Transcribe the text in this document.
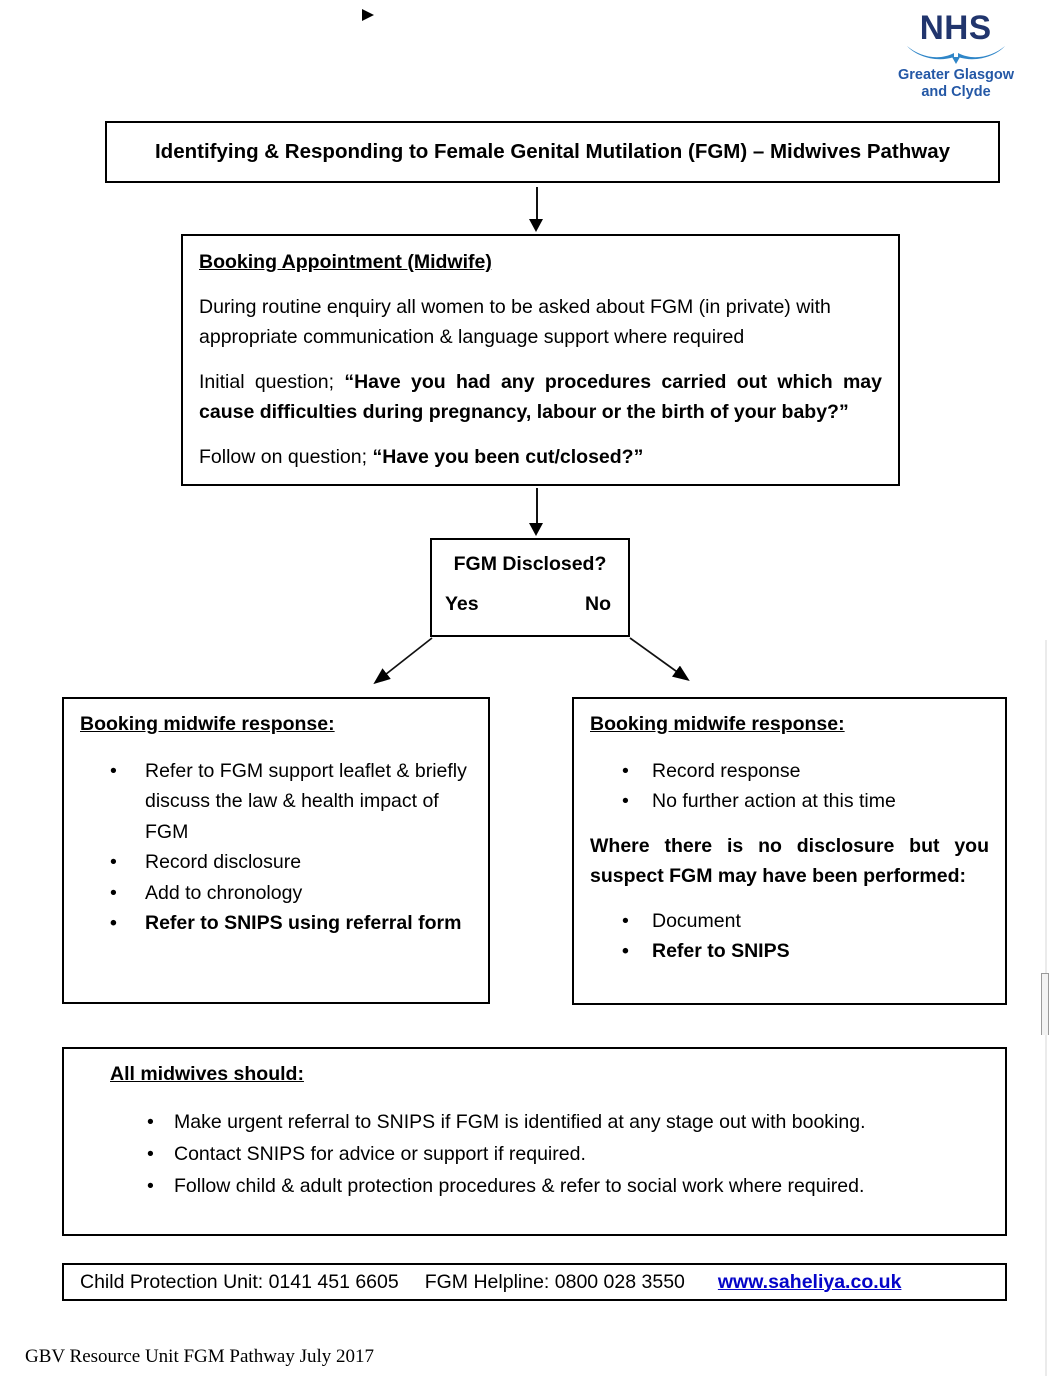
NHS
Greater Glasgow
and Clyde
Identifying & Responding to Female Genital Mutilation (FGM) – Midwives Pathway
Booking Appointment (Midwife)

During routine enquiry all women to be asked about FGM (in private) with appropriate communication & language support where required

Initial question; “Have you had any procedures carried out which may cause difficulties during pregnancy, labour or the birth of your baby?”

Follow on question; “Have you been cut/closed?”

FGM Disclosed?
Yes	No
Booking midwife response:
• Refer to FGM support leaflet & briefly discuss the law & health impact of FGM
• Record disclosure
• Add to chronology
• Refer to SNIPS using referral form
Booking midwife response:
• Record response
• No further action at this time

Where there is no disclosure but you suspect FGM may have been performed:

• Document
• Refer to SNIPS
All midwives should:
• Make urgent referral to SNIPS if FGM is identified at any stage out with booking.
• Contact SNIPS for advice or support if required.
• Follow child & adult protection procedures & refer to social work where required.
Child Protection Unit: 0141 451 6605 FGM Helpline: 0800 028 3550 www.saheliya.co.uk
GBV Resource Unit FGM Pathway July 2017
